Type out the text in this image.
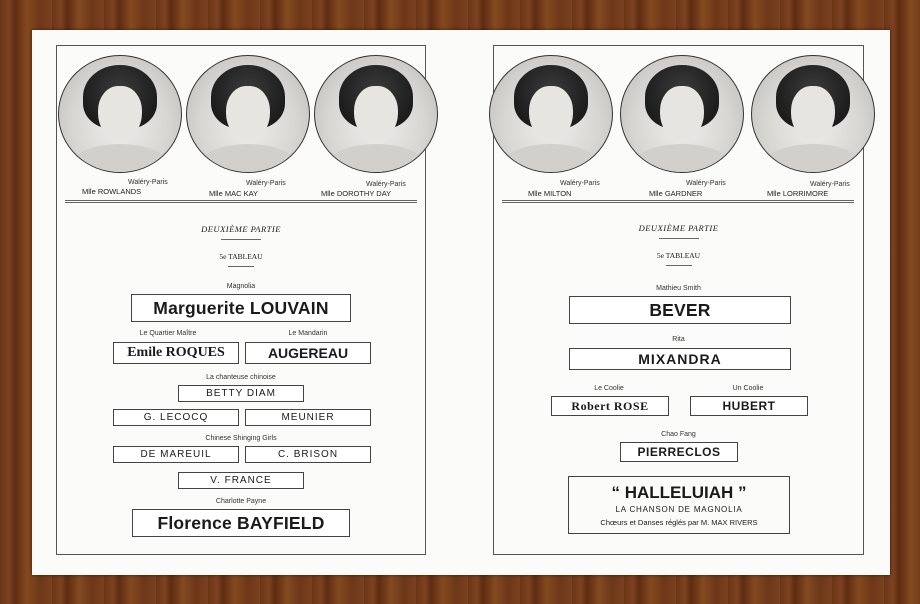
Waléry-Paris
Mlle ROWLANDS
Waléry-Paris
Mlle MAC KAY
Waléry-Paris
Mlle DOROTHY DAY
DEUXIÈME PARTIE
5e TABLEAU
Magnolia
Marguerite LOUVAIN
Le Quartier Maître	Le Mandarin
Emile ROQUES	AUGEREAU
La chanteuse chinoise
BETTY DIAM
G. LECOCQ	MEUNIER
Chinese Shinging Girls
DE MAREUIL	C. BRISON
V. FRANCE
Charlotte Payne
Florence BAYFIELD
Waléry-Paris
Mlle MILTON
Waléry-Paris
Mlle GARDNER
Waléry-Paris
Mlle LORRIMORE
DEUXIÈME PARTIE
5e TABLEAU
Mathieu Smith
BEVER
Rita
MIXANDRA
Le Coolie	Un Coolie
Robert ROSE	HUBERT
Chao Fang
PIERRECLOS
“ HALLELUIAH ”
LA CHANSON DE MAGNOLIA
Chœurs et Danses réglés par M. MAX RIVERS
